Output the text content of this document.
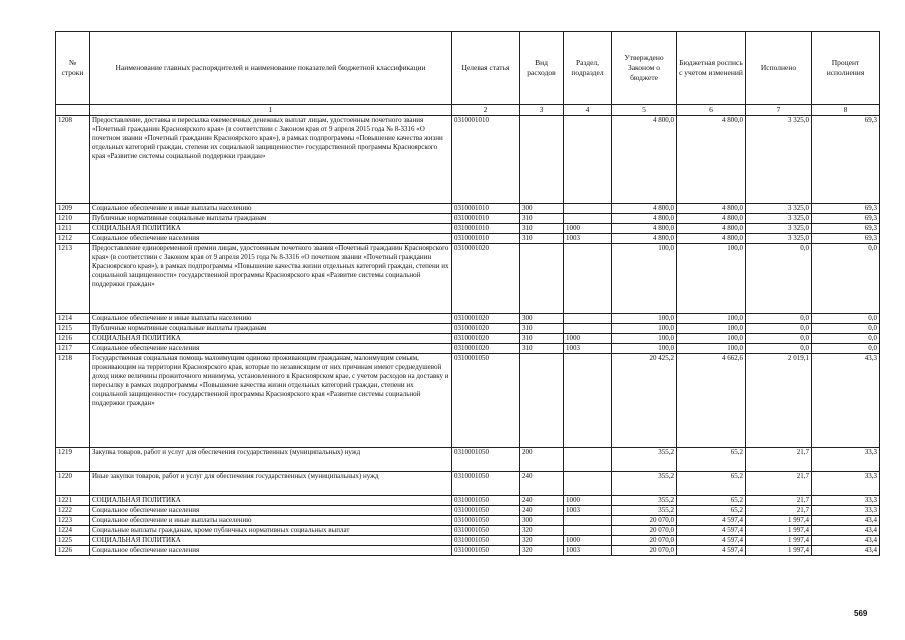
№ строки	Наименование главных распорядителей и наименование показателей бюджетной классификации	Целевая статья	Вид расходов	Раздел, подраздел	Утверждено Законом о бюджете	Бюджетная роспись с учетом изменений	Исполнено	Процент исполнения
	1	2	3	4	5	6	7	8
1208	Предоставление, доставка и пересылка ежемесячных денежных выплат лицам, удостоенным почетного звания «Почетный гражданин Красноярского края» (в соответствии с Законом края от 9 апреля 2015 года № 8-3316 «О почетном звании «Почетный гражданин Красноярского края»), в рамках подпрограммы «Повышение качества жизни отдельных категорий граждан, степени их социальной защищенности» государственной программы Красноярского края «Развитие системы социальной поддержки граждан»	0310001010			4 800,0	4 800,0	3 325,0	69,3
1209	Социальное обеспечение и иные выплаты населению	0310001010	300		4 800,0	4 800,0	3 325,0	69,3
1210	Публичные нормативные социальные выплаты гражданам	0310001010	310		4 800,0	4 800,0	3 325,0	69,3
1211	СОЦИАЛЬНАЯ ПОЛИТИКА	0310001010	310	1000	4 800,0	4 800,0	3 325,0	69,3
1212	Социальное обеспечение населения	0310001010	310	1003	4 800,0	4 800,0	3 325,0	69,3
1213	Предоставление единовременной премии лицам, удостоенным почетного звания «Почетный гражданин Красноярского края» (в соответствии с Законом края от 9 апреля 2015 года № 8-3316 «О почетном звании «Почетный гражданин Красноярского края»), в рамках подпрограммы «Повышение качества жизни отдельных категорий граждан, степени их социальной защищенности» государственной программы Красноярского края «Развитие системы социальной поддержки граждан»	0310001020			100,0	100,0	0,0	0,0
1214	Социальное обеспечение и иные выплаты населению	0310001020	300		100,0	100,0	0,0	0,0
1215	Публичные нормативные социальные выплаты гражданам	0310001020	310		100,0	100,0	0,0	0,0
1216	СОЦИАЛЬНАЯ ПОЛИТИКА	0310001020	310	1000	100,0	100,0	0,0	0,0
1217	Социальное обеспечение населения	0310001020	310	1003	100,0	100,0	0,0	0,0
1218	Государственная социальная помощь малоимущим одиноко проживающим гражданам, малоимущим семьям, проживающим на территории Красноярского края, которые по независящим от них причинам имеют среднедушевой доход ниже величины прожиточного минимума, установленного в Красноярском крае, с учетом расходов на доставку и пересылку в рамках подпрограммы «Повышение качества жизни отдельных категорий граждан, степени их социальной защищенности» государственной программы Красноярского края «Развитие системы социальной поддержки граждан»	0310001050			20 425,2	4 662,6	2 019,1	43,3
1219	Закупка товаров, работ и услуг для обеспечения государственных (муниципальных) нужд	0310001050	200		355,2	65,2	21,7	33,3
1220	Иные закупки товаров, работ и услуг для обеспечения государственных (муниципальных) нужд	0310001050	240		355,2	65,2	21,7	33,3
1221	СОЦИАЛЬНАЯ ПОЛИТИКА	0310001050	240	1000	355,2	65,2	21,7	33,3
1222	Социальное обеспечение населения	0310001050	240	1003	355,2	65,2	21,7	33,3
1223	Социальное обеспечение и иные выплаты населению	0310001050	300		20 070,0	4 597,4	1 997,4	43,4
1224	Социальные выплаты гражданам, кроме публичных нормативных социальных выплат	0310001050	320		20 070,0	4 597,4	1 997,4	43,4
1225	СОЦИАЛЬНАЯ ПОЛИТИКА	0310001050	320	1000	20 070,0	4 597,4	1 997,4	43,4
1226	Социальное обеспечение населения	0310001050	320	1003	20 070,0	4 597,4	1 997,4	43,4
569
